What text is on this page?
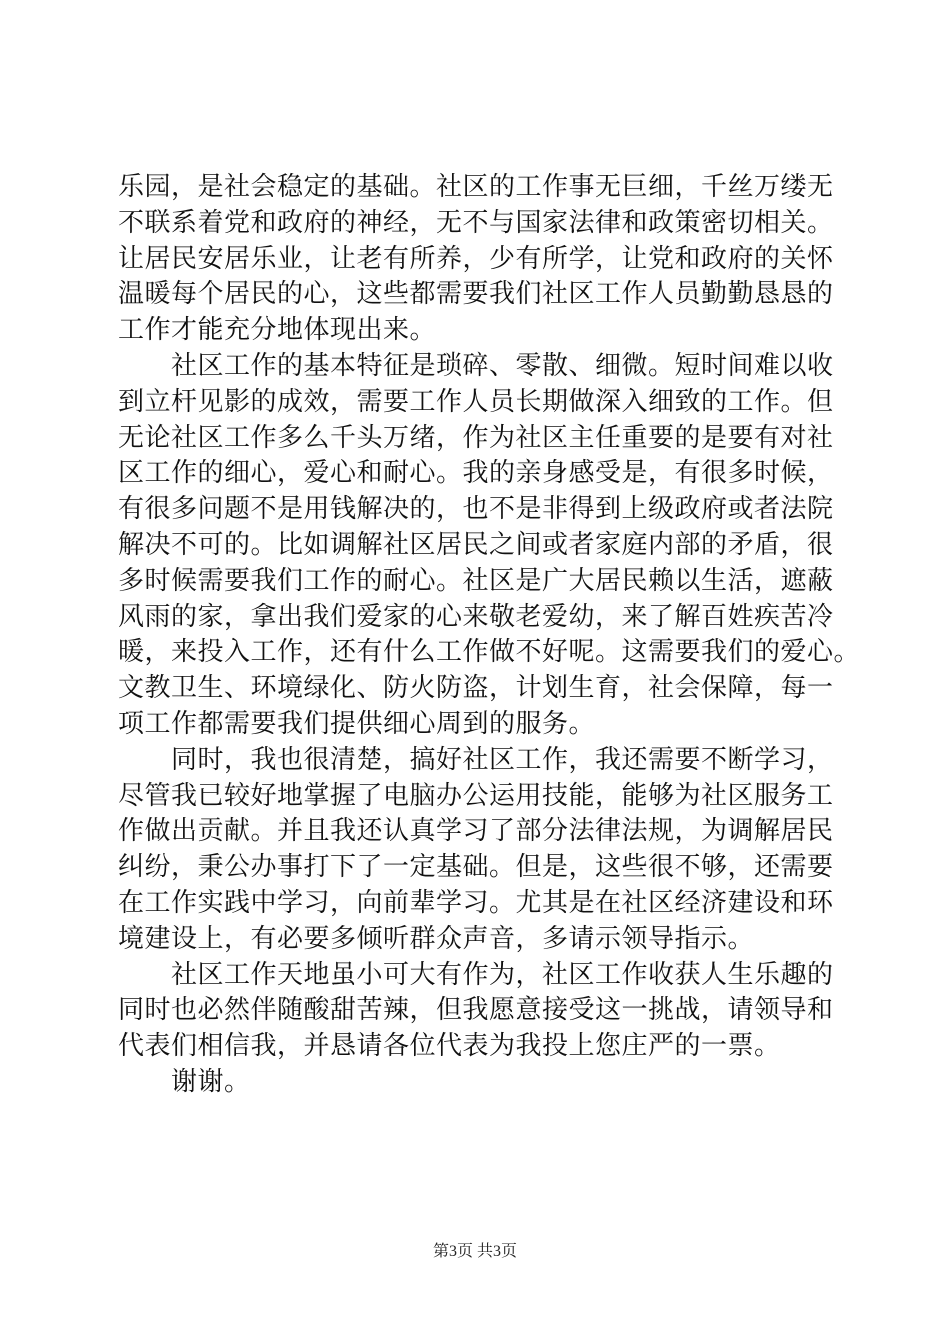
乐园，是社会稳定的基础。社区的工作事无巨细，千丝万缕无
不联系着党和政府的神经，无不与国家法律和政策密切相关。
让居民安居乐业，让老有所养，少有所学，让党和政府的关怀
温暖每个居民的心，这些都需要我们社区工作人员勤勤恳恳的
工作才能充分地体现出来。
　　社区工作的基本特征是琐碎、零散、细微。短时间难以收
到立杆见影的成效，需要工作人员长期做深入细致的工作。但
无论社区工作多么千头万绪，作为社区主任重要的是要有对社
区工作的细心，爱心和耐心。我的亲身感受是，有很多时候，
有很多问题不是用钱解决的，也不是非得到上级政府或者法院
解决不可的。比如调解社区居民之间或者家庭内部的矛盾，很
多时候需要我们工作的耐心。社区是广大居民赖以生活，遮蔽
风雨的家，拿出我们爱家的心来敬老爱幼，来了解百姓疾苦冷
暖，来投入工作，还有什么工作做不好呢。这需要我们的爱心。
文教卫生、环境绿化、防火防盗，计划生育，社会保障，每一
项工作都需要我们提供细心周到的服务。
　　同时，我也很清楚，搞好社区工作，我还需要不断学习，
尽管我已较好地掌握了电脑办公运用技能，能够为社区服务工
作做出贡献。并且我还认真学习了部分法律法规，为调解居民
纠纷，秉公办事打下了一定基础。但是，这些很不够，还需要
在工作实践中学习，向前辈学习。尤其是在社区经济建设和环
境建设上，有必要多倾听群众声音，多请示领导指示。
　　社区工作天地虽小可大有作为，社区工作收获人生乐趣的
同时也必然伴随酸甜苦辣，但我愿意接受这一挑战，请领导和
代表们相信我，并恳请各位代表为我投上您庄严的一票。
　　谢谢。
第3页 共3页
